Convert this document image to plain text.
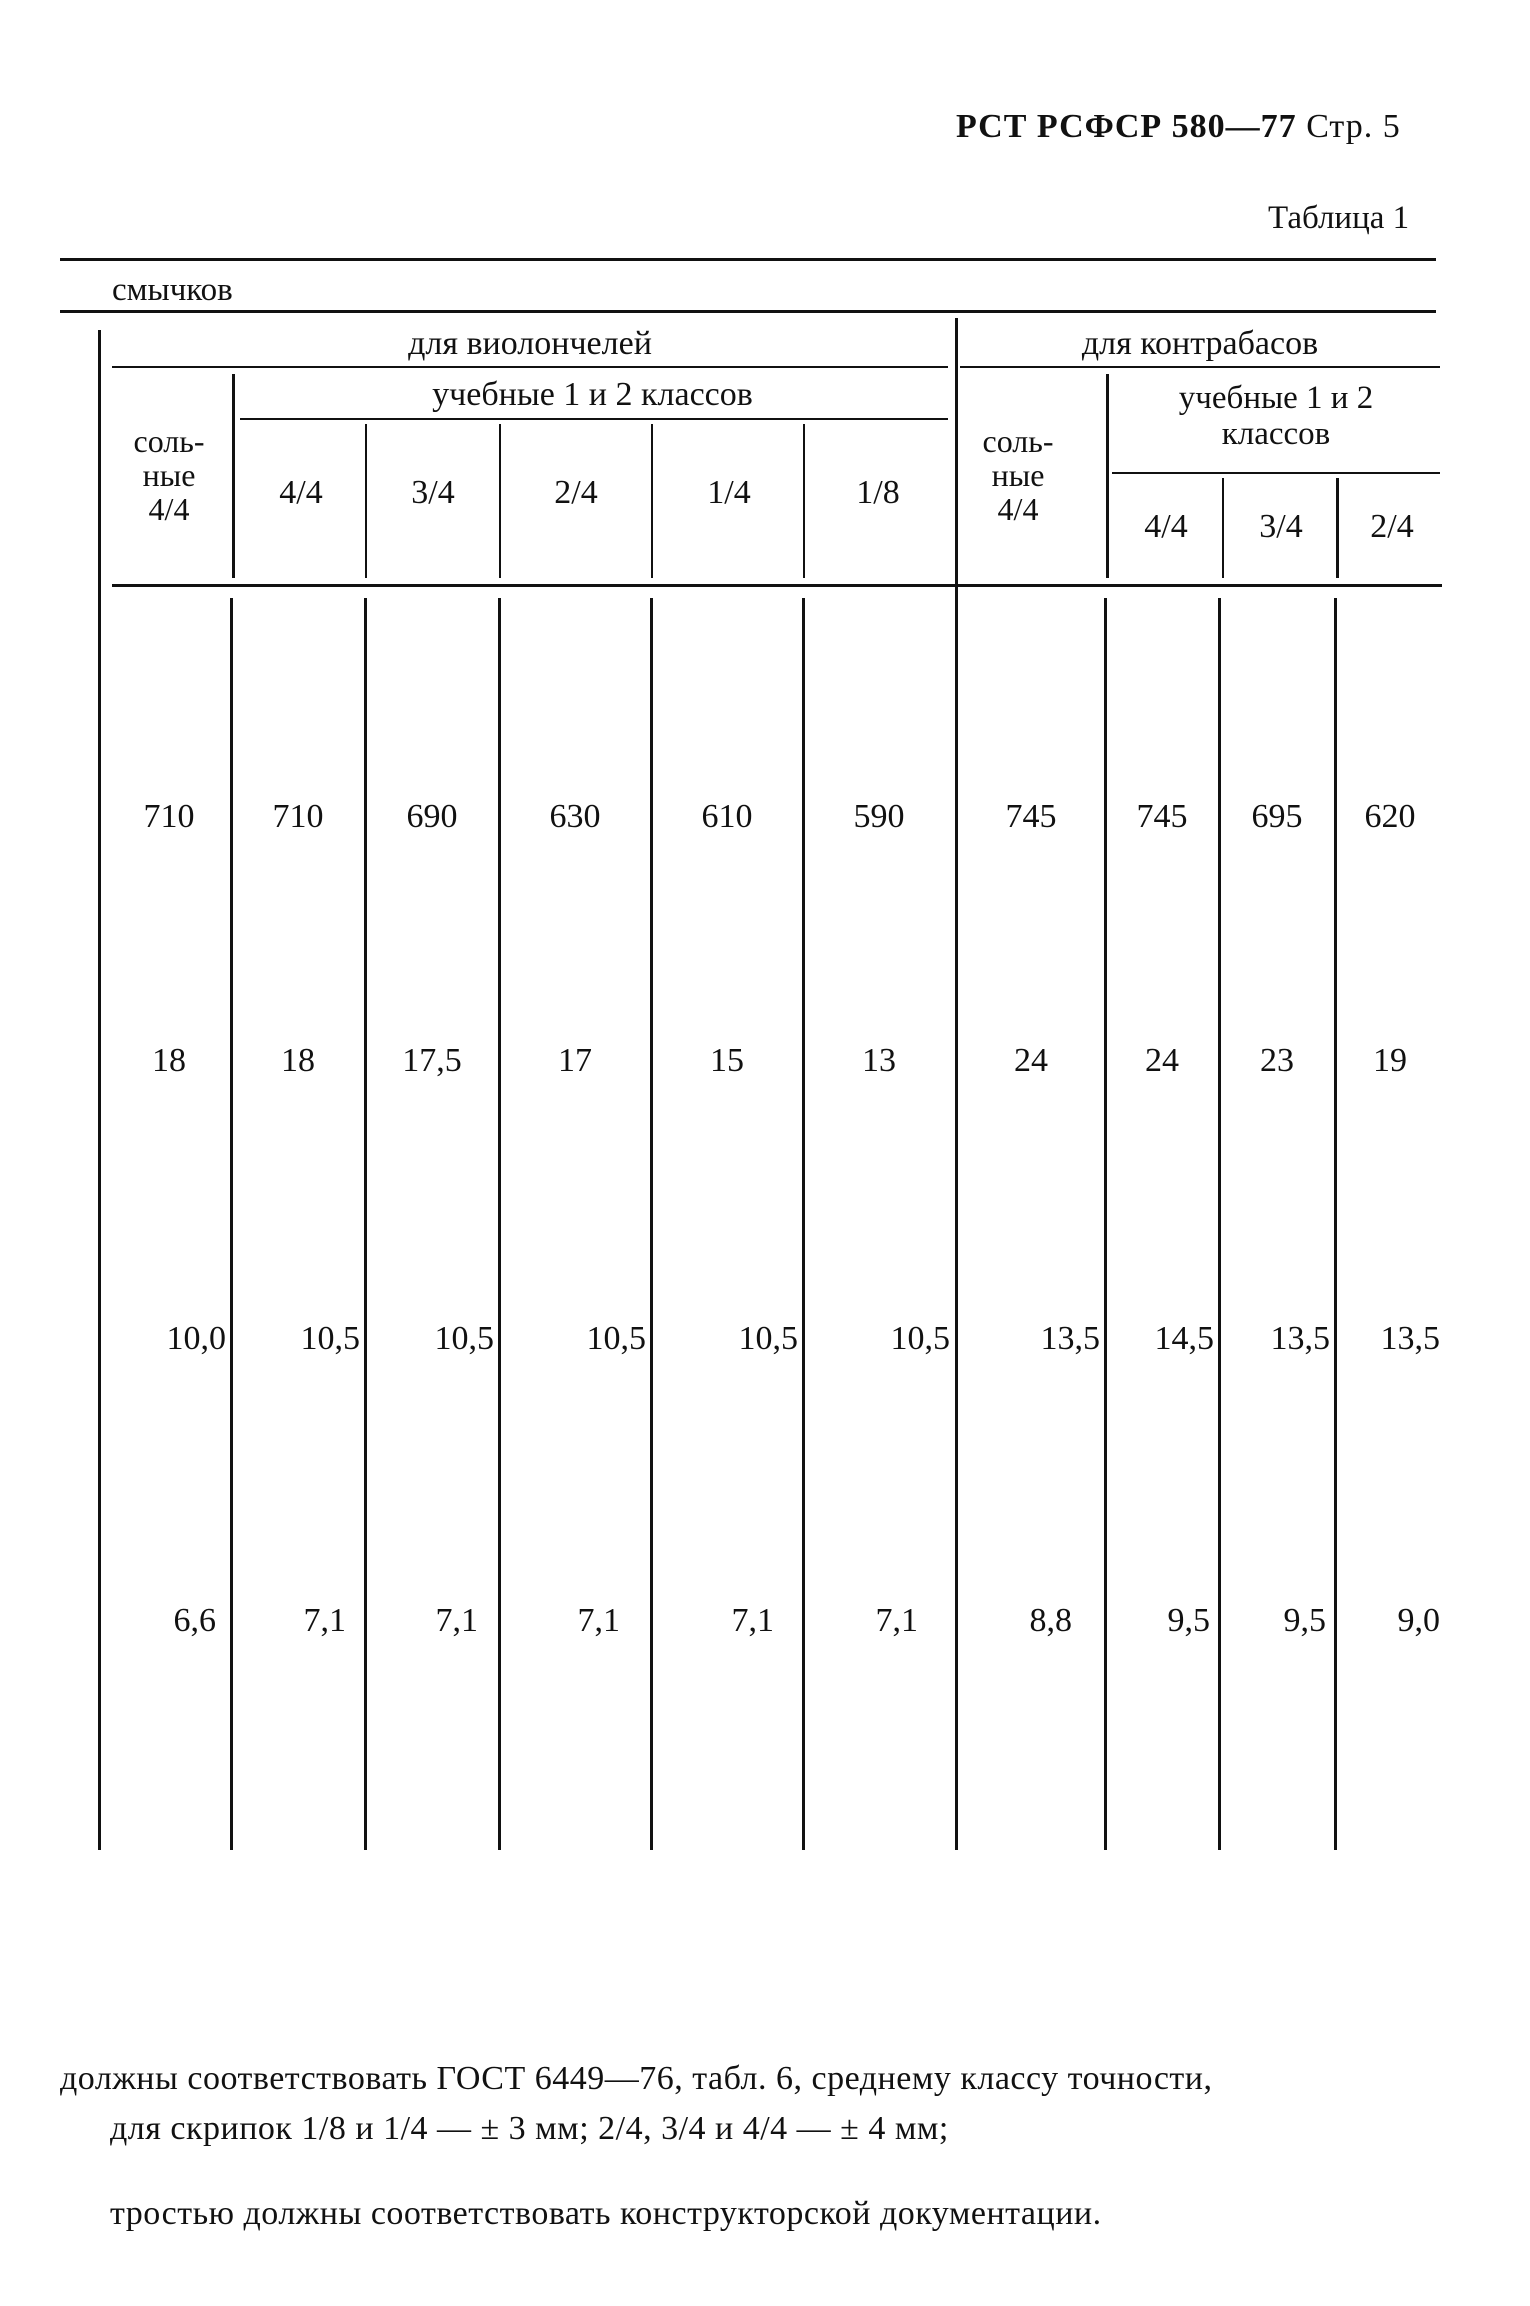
РСТ РСФСР 580—77 Стр. 5
Таблица 1
смычков
для виолончелей	для контрабасов
соль-
ные
4/4
учебные 1 и 2 классов
4/4	3/4	2/4	1/4	1/8
соль-
ные
4/4
учебные 1 и 2
классов
4/4	3/4	2/4
710	710	690	630	610	590	745	745	695	620
18	18	17,5	17	15	13	24	24	23	19
10,0	10,5	10,5	10,5	10,5	10,5	13,5	14,5	13,5	13,5
6,6	7,1	7,1	7,1	7,1	7,1	8,8	9,5	9,5	9,0
должны соответствовать ГОСТ 6449—76, табл. 6, среднему классу точности,
для скрипок 1/8 и 1/4 — ± 3 мм; 2/4, 3/4 и 4/4 — ± 4 мм;
тростью должны соответствовать конструкторской документации.
